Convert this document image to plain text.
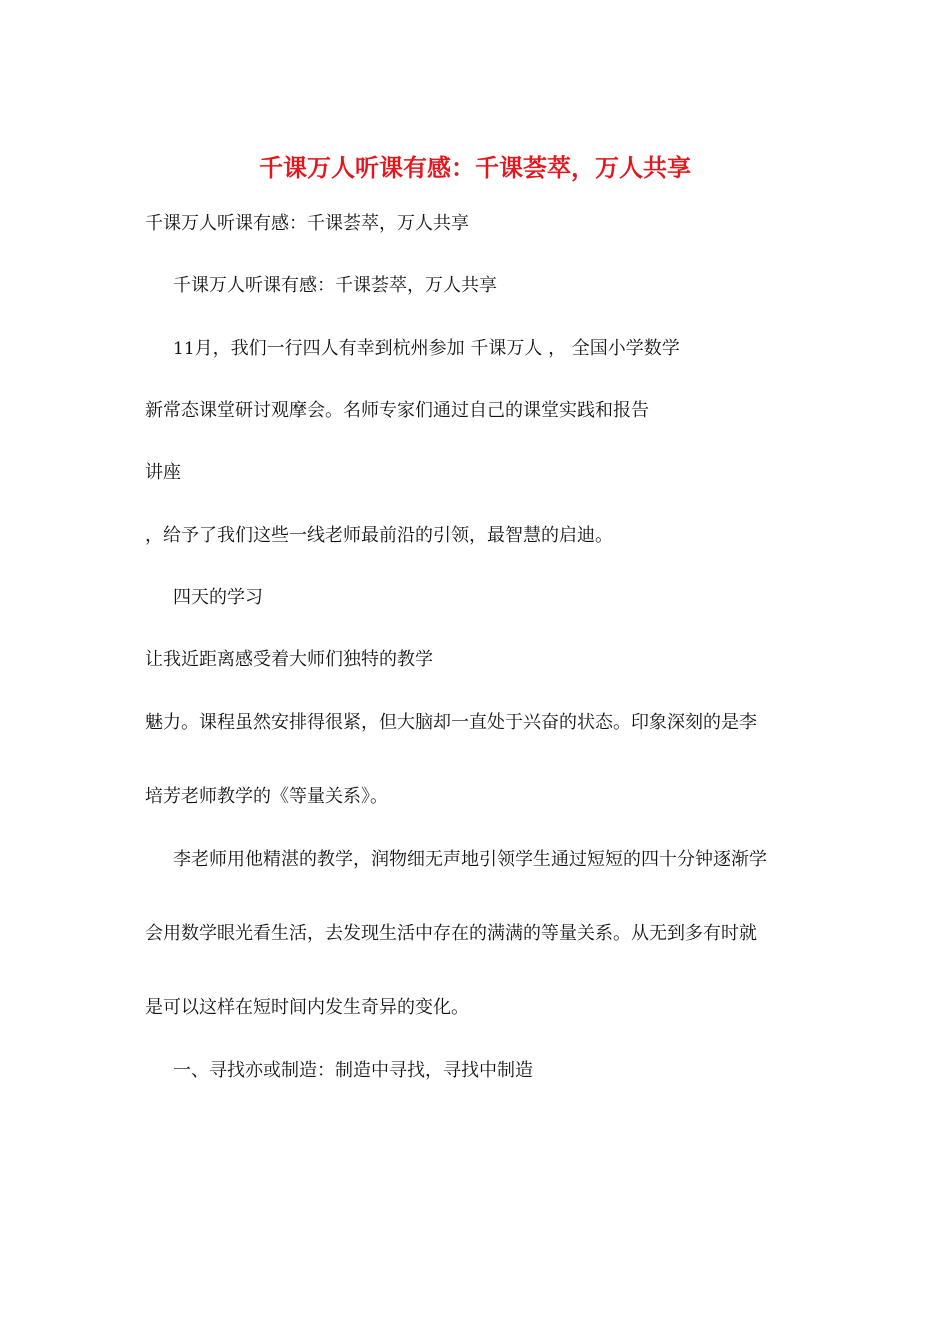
千课万人听课有感：千课荟萃，万人共享
千课万人听课有感：千课荟萃，万人共享
千课万人听课有感：千课荟萃，万人共享
11月，我们一行四人有幸到杭州参加 千课万人 ， 全国小学数学
新常态课堂研讨观摩会。名师专家们通过自己的课堂实践和报告
讲座
，给予了我们这些一线老师最前沿的引领，最智慧的启迪。
四天的学习
让我近距离感受着大师们独特的教学
魅力。课程虽然安排得很紧，但大脑却一直处于兴奋的状态。印象深刻的是李
培芳老师教学的《等量关系》。
李老师用他精湛的教学，润物细无声地引领学生通过短短的四十分钟逐渐学
会用数学眼光看生活，去发现生活中存在的满满的等量关系。从无到多有时就
是可以这样在短时间内发生奇异的变化。
一、寻找亦或制造：制造中寻找，寻找中制造
